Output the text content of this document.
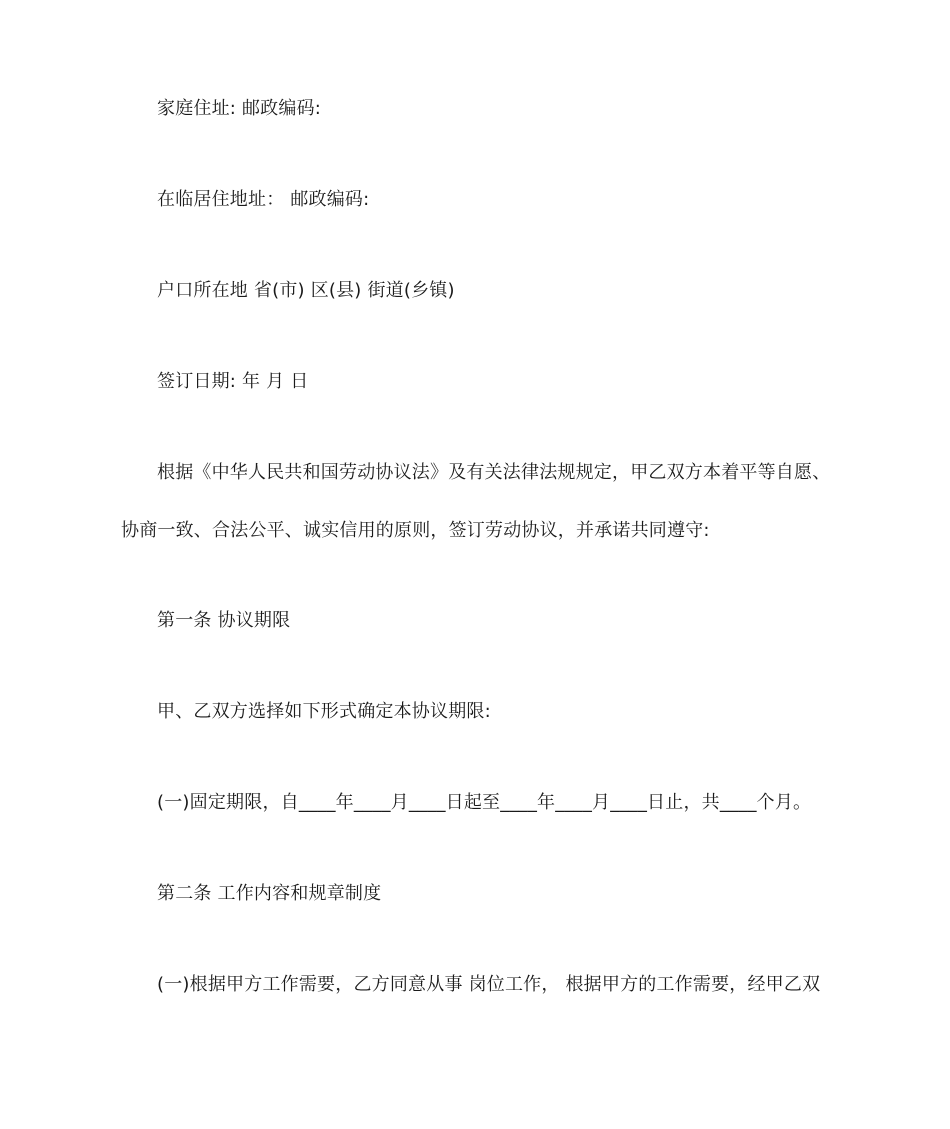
家庭住址: 邮政编码:
在临居住地址： 邮政编码:
户口所在地 省(市) 区(县) 街道(乡镇)
签订日期: 年 月 日
根据《中华人民共和国劳动协议法》及有关法律法规规定，甲乙双方本着平等自愿、
协商一致、合法公平、诚实信用的原则，签订劳动协议，并承诺共同遵守:
第一条 协议期限
甲、乙双方选择如下形式确定本协议期限:
(一)固定期限，自____年____月____日起至____年____月____日止，共____个月。
第二条 工作内容和规章制度
(一)根据甲方工作需要，乙方同意从事 岗位工作， 根据甲方的工作需要，经甲乙双
